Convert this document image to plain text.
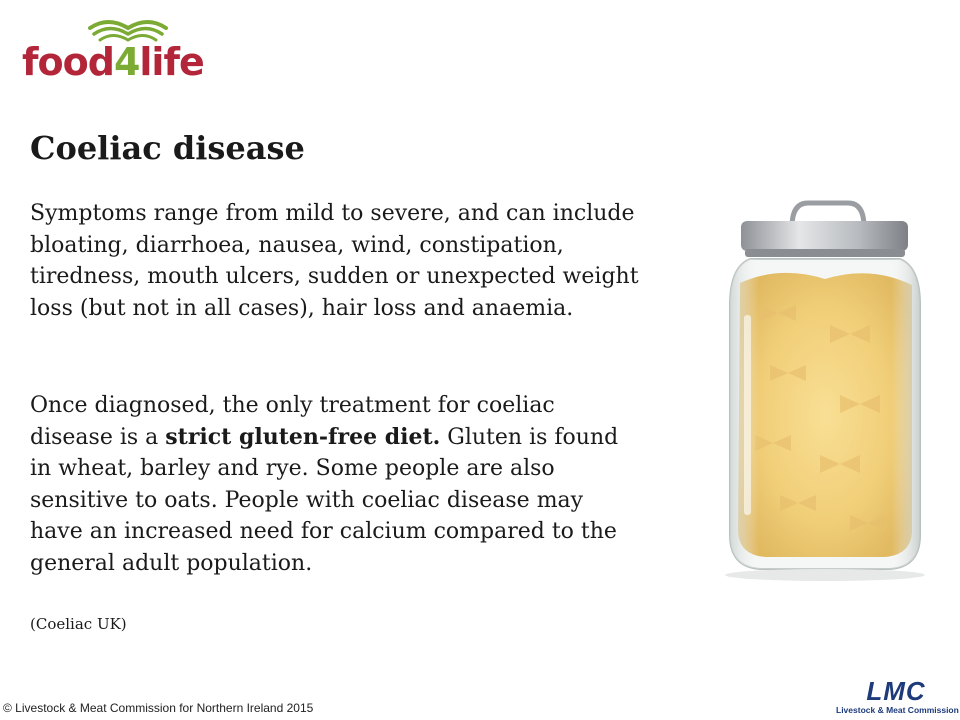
food4life
Coeliac disease

Symptoms range from mild to severe, and can include bloating, diarrhoea, nausea, wind, constipation, tiredness, mouth ulcers, sudden or unexpected weight loss (but not in all cases), hair loss and anaemia.

Once diagnosed, the only treatment for coeliac disease is a strict gluten-free diet. Gluten is found in wheat, barley and rye. Some people are also sensitive to oats. People with coeliac disease may have an increased need for calcium compared to the general adult population.

(Coeliac UK)

© Livestock & Meat Commission for Northern Ireland 2015

LMC
Livestock & Meat Commission
